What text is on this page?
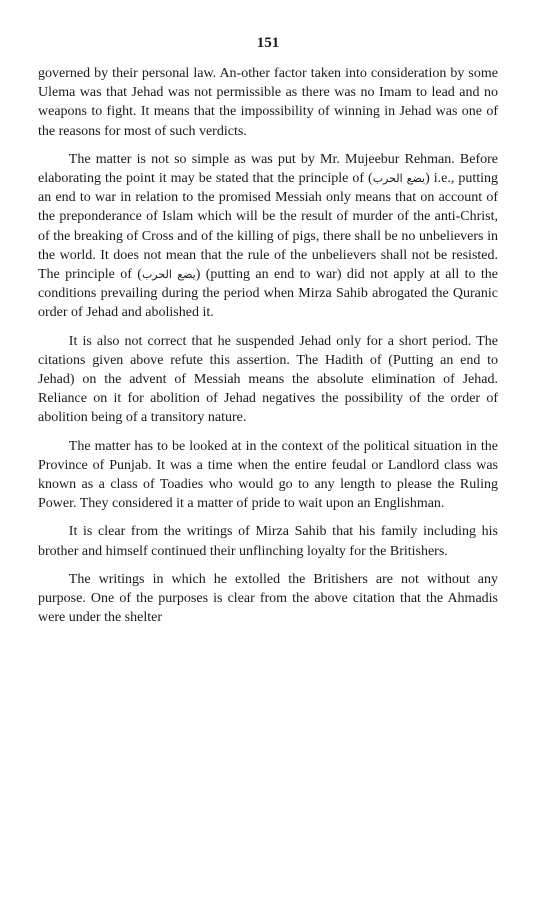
151

governed by their personal law. An-other factor taken into consideration by some Ulema was that Jehad was not permissible as there was no Imam to lead and no weapons to fight. It means that the impossibility of winning in Jehad was one of the reasons for most of such verdicts.

The matter is not so simple as was put by Mr. Mujeebur Rehman. Before elaborating the point it may be stated that the principle of (يضع الحرب) i.e., putting an end to war in relation to the promised Messiah only means that on account of the preponderance of Islam which will be the result of murder of the anti-Christ, of the breaking of Cross and of the killing of pigs, there shall be no unbelievers in the world. It does not mean that the rule of the unbelievers shall not be resisted. The principle of (يضع الحرب) (putting an end to war) did not apply at all to the conditions prevailing during the period when Mirza Sahib abrogated the Quranic order of Jehad and abolished it.

It is also not correct that he suspended Jehad only for a short period. The citations given above refute this assertion. The Hadith of (Putting an end to Jehad) on the advent of Messiah means the absolute elimination of Jehad. Reliance on it for abolition of Jehad negatives the possibility of the order of abolition being of a transitory nature.

The matter has to be looked at in the context of the political situation in the Province of Punjab. It was a time when the entire feudal or Landlord class was known as a class of Toadies who would go to any length to please the Ruling Power. They considered it a matter of pride to wait upon an Englishman.

It is clear from the writings of Mirza Sahib that his family including his brother and himself continued their unflinching loyalty for the Britishers.

The writings in which he extolled the Britishers are not without any purpose. One of the purposes is clear from the above citation that the Ahmadis were under the shelter
